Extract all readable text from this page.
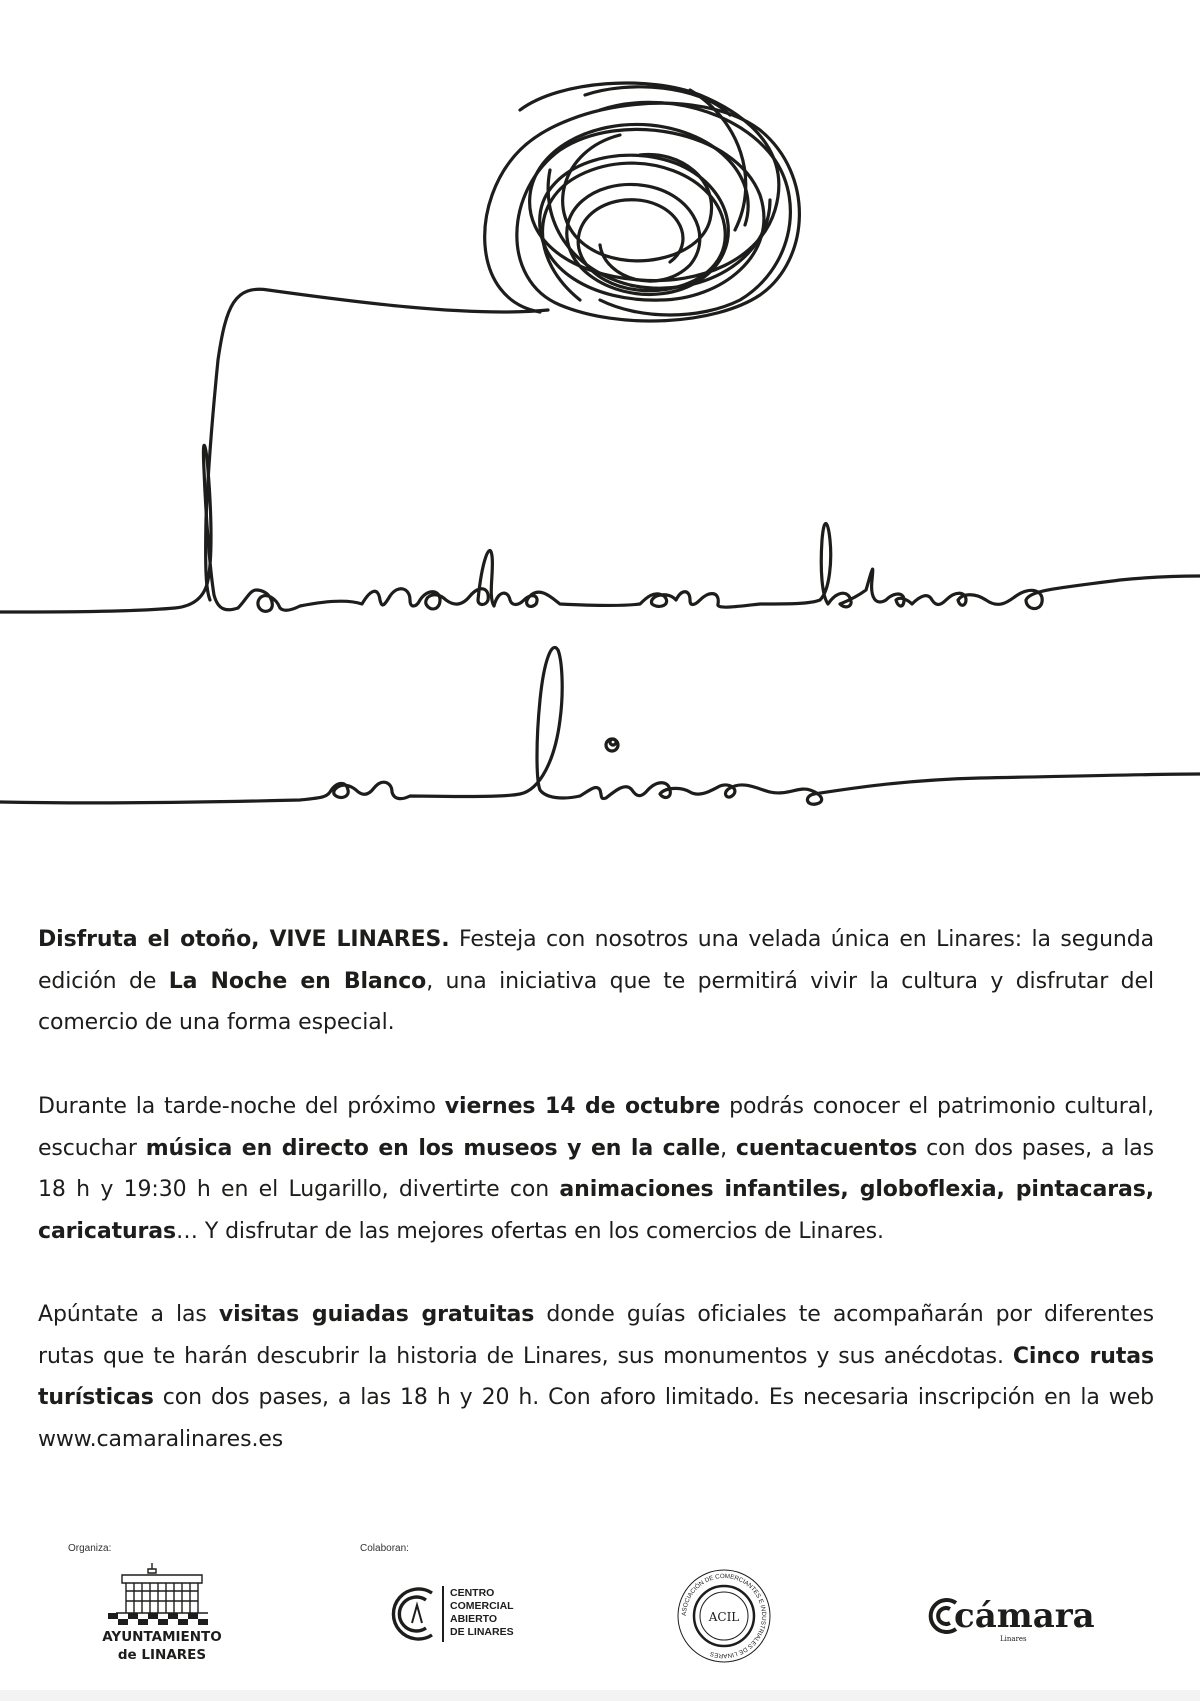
Disfruta el otoño, VIVE LINARES. Festeja con nosotros una velada única en Linares: la segunda edición de La Noche en Blanco, una iniciativa que te permitirá vivir la cultura y disfrutar del comercio de una forma especial.

Durante la tarde-noche del próximo viernes 14 de octubre podrás conocer el patrimonio cultural, escuchar música en directo en los museos y en la calle, cuentacuentos con dos pases, a las 18 h y 19:30 h en el Lugarillo, divertirte con animaciones infantiles, globoflexia, pintacaras, caricaturas… Y disfrutar de las mejores ofertas en los comercios de Linares.

Apúntate a las visitas guiadas gratuitas donde guías oficiales te acompañarán por diferentes rutas que te harán descubrir la historia de Linares, sus monumentos y sus anécdotas. Cinco rutas turísticas con dos pases, a las 18 h y 20 h. Con aforo limitado. Es necesaria inscripción en la web www.camaralinares.es

Organiza:	Colaboran:
AYUNTAMIENTO
de LINARES
CENTRO
COMERCIAL
ABIERTO
DE LINARES
ASOCIACIÓN DE COMERCIANTES E INDUSTRIALES DE LINARES
ACIL	cámara
Linares
